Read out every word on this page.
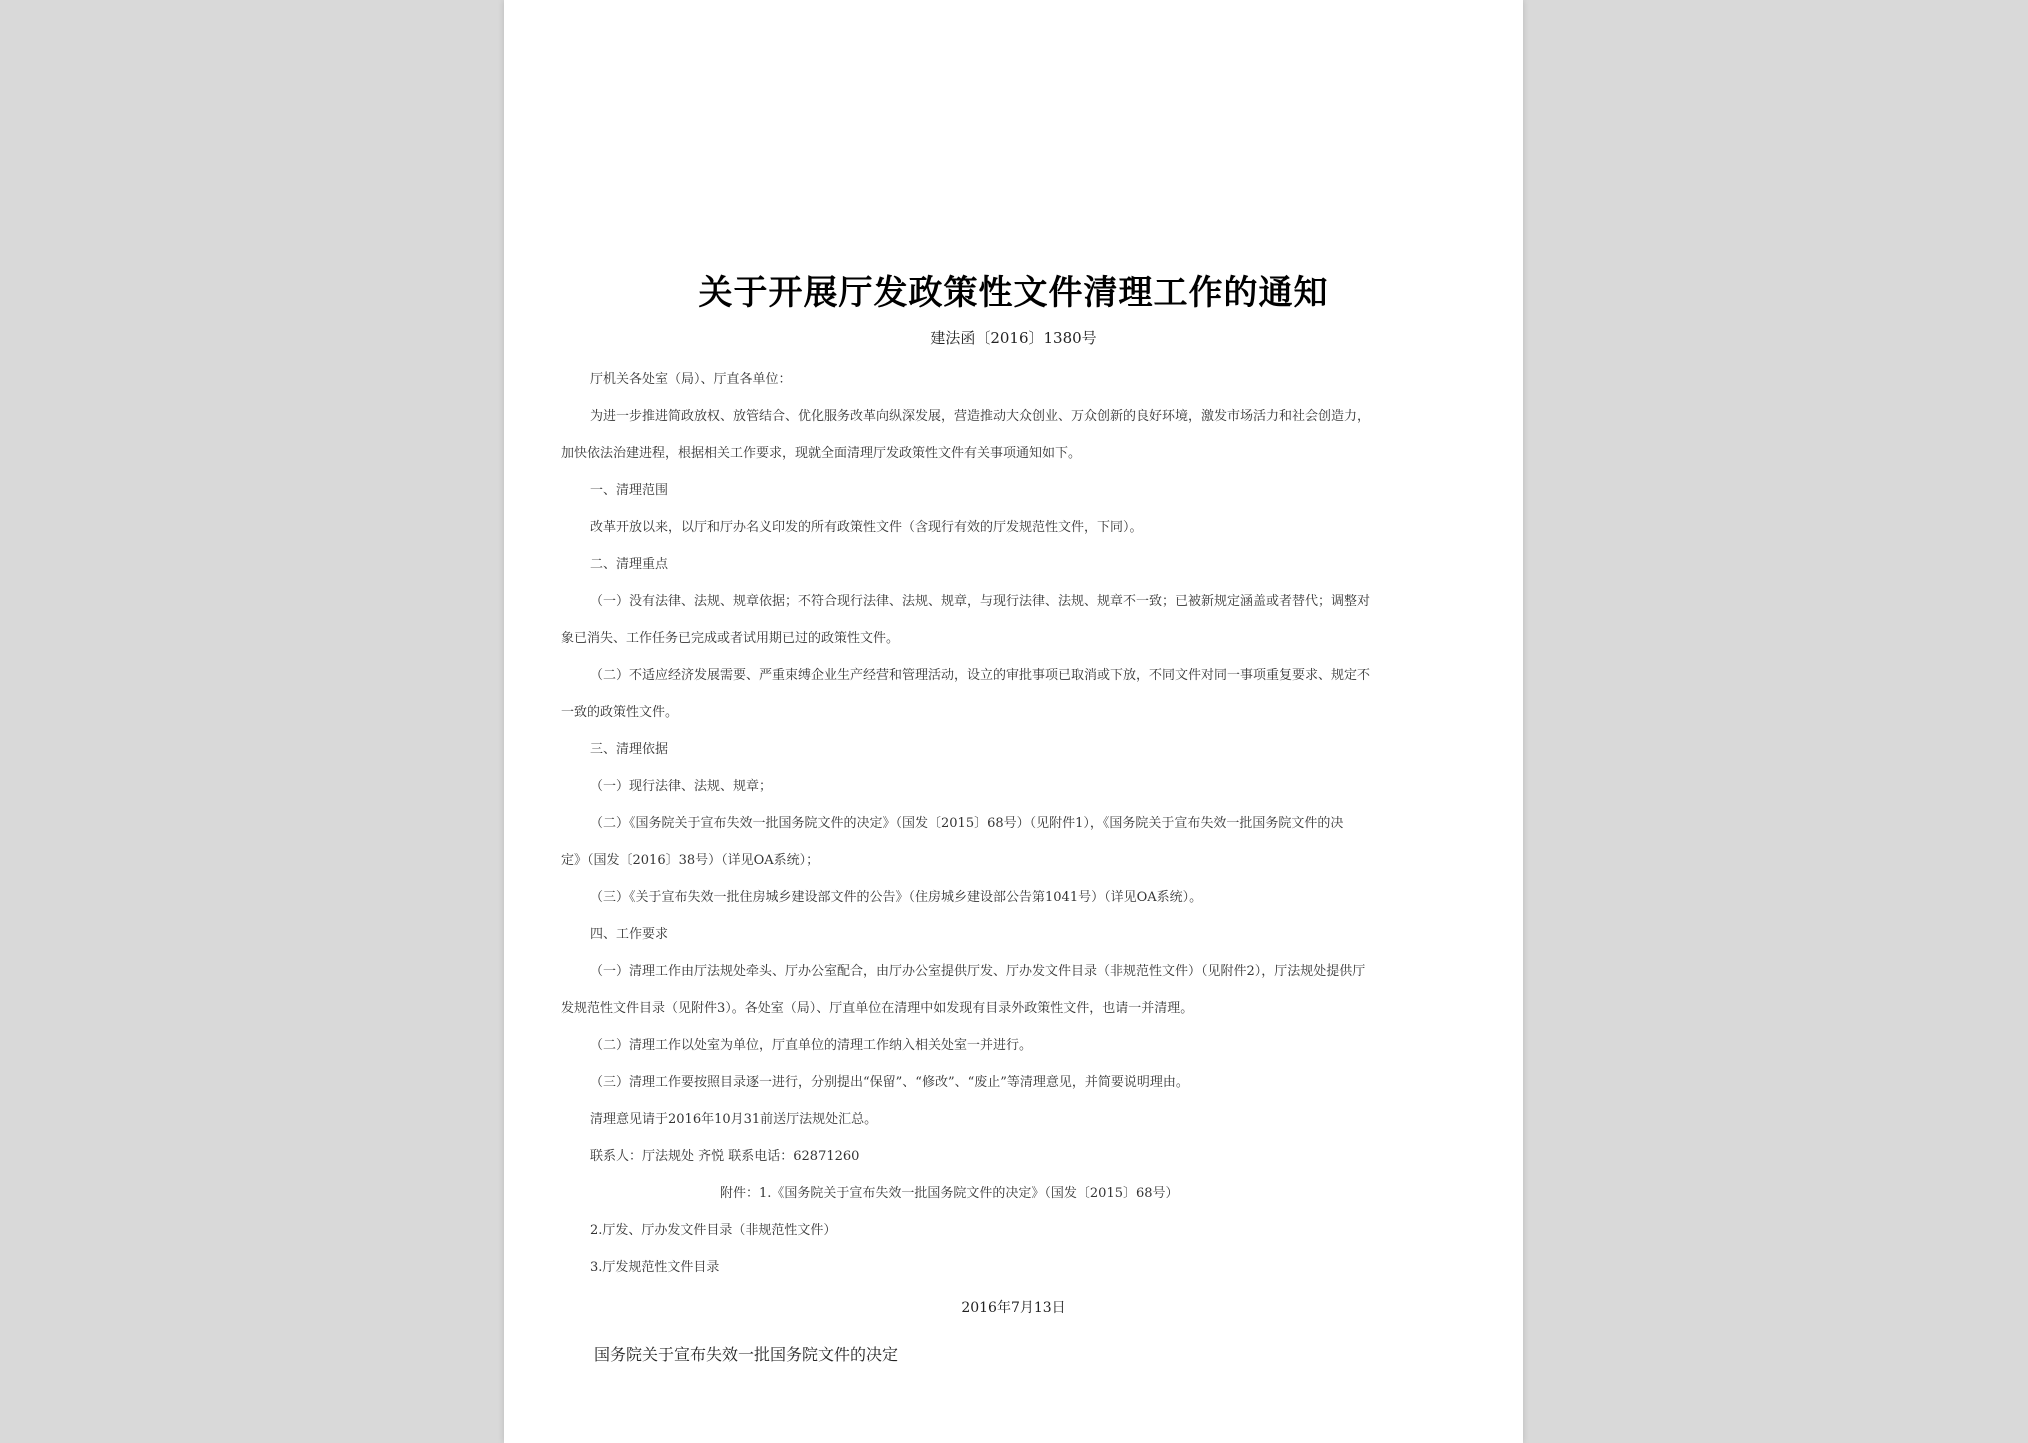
关于开展厅发政策性文件清理工作的通知
建法函〔2016〕1380号
厅机关各处室（局）、厅直各单位：
为进一步推进简政放权、放管结合、优化服务改革向纵深发展，营造推动大众创业、万众创新的良好环境，激发市场活力和社会创造力，
加快依法治建进程，根据相关工作要求，现就全面清理厅发政策性文件有关事项通知如下。
一、清理范围
改革开放以来，以厅和厅办名义印发的所有政策性文件（含现行有效的厅发规范性文件，下同）。
二、清理重点
（一）没有法律、法规、规章依据；不符合现行法律、法规、规章，与现行法律、法规、规章不一致；已被新规定涵盖或者替代；调整对
象已消失、工作任务已完成或者试用期已过的政策性文件。
（二）不适应经济发展需要、严重束缚企业生产经营和管理活动，设立的审批事项已取消或下放，不同文件对同一事项重复要求、规定不
一致的政策性文件。
三、清理依据
（一）现行法律、法规、规章；
（二）《国务院关于宣布失效一批国务院文件的决定》（国发〔2015〕68号）（见附件1），《国务院关于宣布失效一批国务院文件的决
定》（国发〔2016〕38号）（详见OA系统）；
（三）《关于宣布失效一批住房城乡建设部文件的公告》（住房城乡建设部公告第1041号）（详见OA系统）。
四、工作要求
（一）清理工作由厅法规处牵头、厅办公室配合，由厅办公室提供厅发、厅办发文件目录（非规范性文件）（见附件2），厅法规处提供厅
发规范性文件目录（见附件3）。各处室（局）、厅直单位在清理中如发现有目录外政策性文件，也请一并清理。
（二）清理工作以处室为单位，厅直单位的清理工作纳入相关处室一并进行。
（三）清理工作要按照目录逐一进行，分别提出“保留”、“修改”、“废止”等清理意见，并简要说明理由。
清理意见请于2016年10月31前送厅法规处汇总。
联系人：厅法规处 齐悦 联系电话：62871260
附件：1.《国务院关于宣布失效一批国务院文件的决定》（国发〔2015〕68号）
2.厅发、厅办发文件目录（非规范性文件）
3.厅发规范性文件目录
2016年7月13日
国务院关于宣布失效一批国务院文件的决定
